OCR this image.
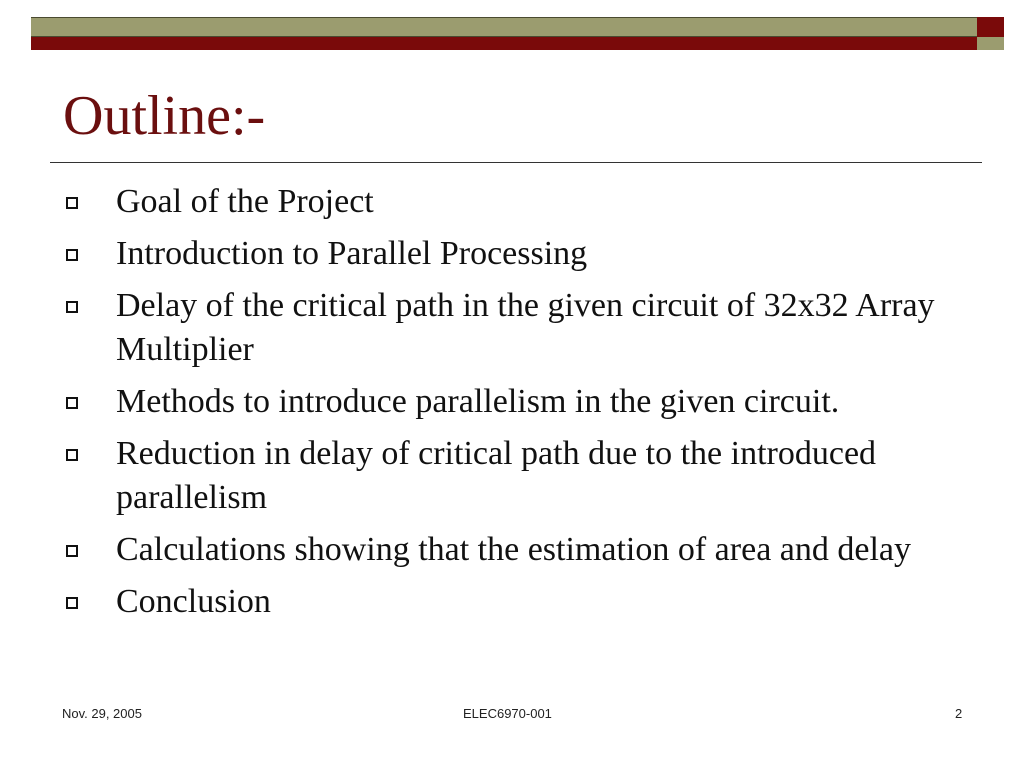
Outline:-
Goal of the Project
Introduction to Parallel Processing
Delay of the critical path in the given circuit of 32x32 Array Multiplier
Methods to introduce parallelism in the given circuit.
Reduction in delay of critical path due to the introduced parallelism
Calculations showing that the estimation of area and delay
Conclusion
Nov. 29, 2005	ELEC6970-001	2
